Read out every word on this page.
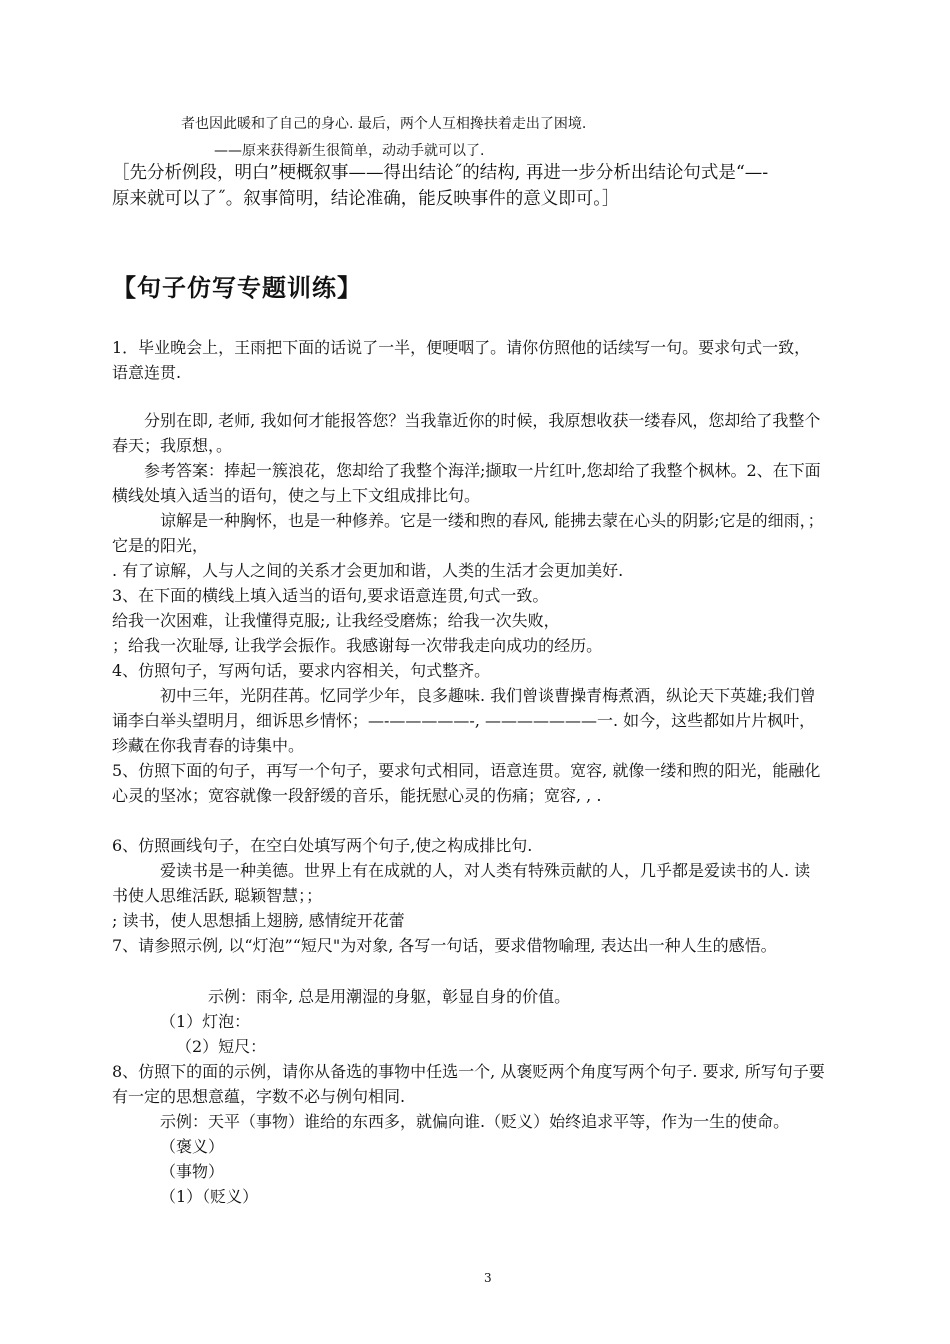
者也因此暖和了自己的身心. 最后，两个人互相搀扶着走出了困境.
——原来获得新生很简单，动动手就可以了.
［先分析例段，明白”梗概叙事——得出结论˝的结构, 再进一步分析出结论句式是“—-
原来就可以了˝。叙事简明，结论准确，能反映事件的意义即可。］
【句子仿写专题训练】
1．毕业晚会上，王雨把下面的话说了一半，便哽咽了。请你仿照他的话续写一句。要求句式一致，
语意连贯.
分别在即, 老师, 我如何才能报答您？当我靠近你的时候，我原想收获一缕春风，您却给了我整个
春天；我原想，。
参考答案：捧起一簇浪花，您却给了我整个海洋;撷取一片红叶,您却给了我整个枫林。2、在下面
横线处填入适当的语句，使之与上下文组成排比句。
谅解是一种胸怀，也是一种修养。它是一缕和煦的春风, 能拂去蒙在心头的阴影;它是的细雨，；
它是的阳光，
. 有了谅解，人与人之间的关系才会更加和谐，人类的生活才会更加美好.
3、在下面的横线上填入适当的语句,要求语意连贯,句式一致。
给我一次困难，让我懂得克服;, 让我经受磨炼；给我一次失败，
；给我一次耻辱, 让我学会振作。我感谢每一次带我走向成功的经历。
4、仿照句子，写两句话，要求内容相关，句式整齐。
初中三年，光阴荏苒。忆同学少年，良多趣味. 我们曾谈曹操青梅煮酒，纵论天下英雄;我们曾
诵李白举头望明月，细诉思乡情怀；—-—————-, ———————一. 如今，这些都如片片枫叶，
珍藏在你我青春的诗集中。
5、仿照下面的句子，再写一个句子，要求句式相同，语意连贯。宽容, 就像一缕和煦的阳光，能融化
心灵的坚冰；宽容就像一段舒缓的音乐，能抚慰心灵的伤痛；宽容, , .
6、仿照画线句子，在空白处填写两个句子,使之构成排比句.
爱读书是一种美德。世界上有在成就的人，对人类有特殊贡献的人，几乎都是爱读书的人. 读
书使人思维活跃, 聪颖智慧；；
; 读书，使人思想插上翅膀, 感情绽开花蕾
7、请参照示例, 以“灯泡”“短尺"为对象, 各写一句话，要求借物喻理, 表达出一种人生的感悟。
示例：雨伞, 总是用潮湿的身躯，彰显自身的价值。
（1）灯泡：
（2）短尺：
8、仿照下的面的示例，请你从备选的事物中任选一个, 从褒贬两个角度写两个句子. 要求, 所写句子要
有一定的思想意蕴，字数不必与例句相同.
示例：天平（事物）谁给的东西多，就偏向谁.（贬义）始终追求平等，作为一生的使命。
（褒义）
（事物）
（1）（贬义）
3
